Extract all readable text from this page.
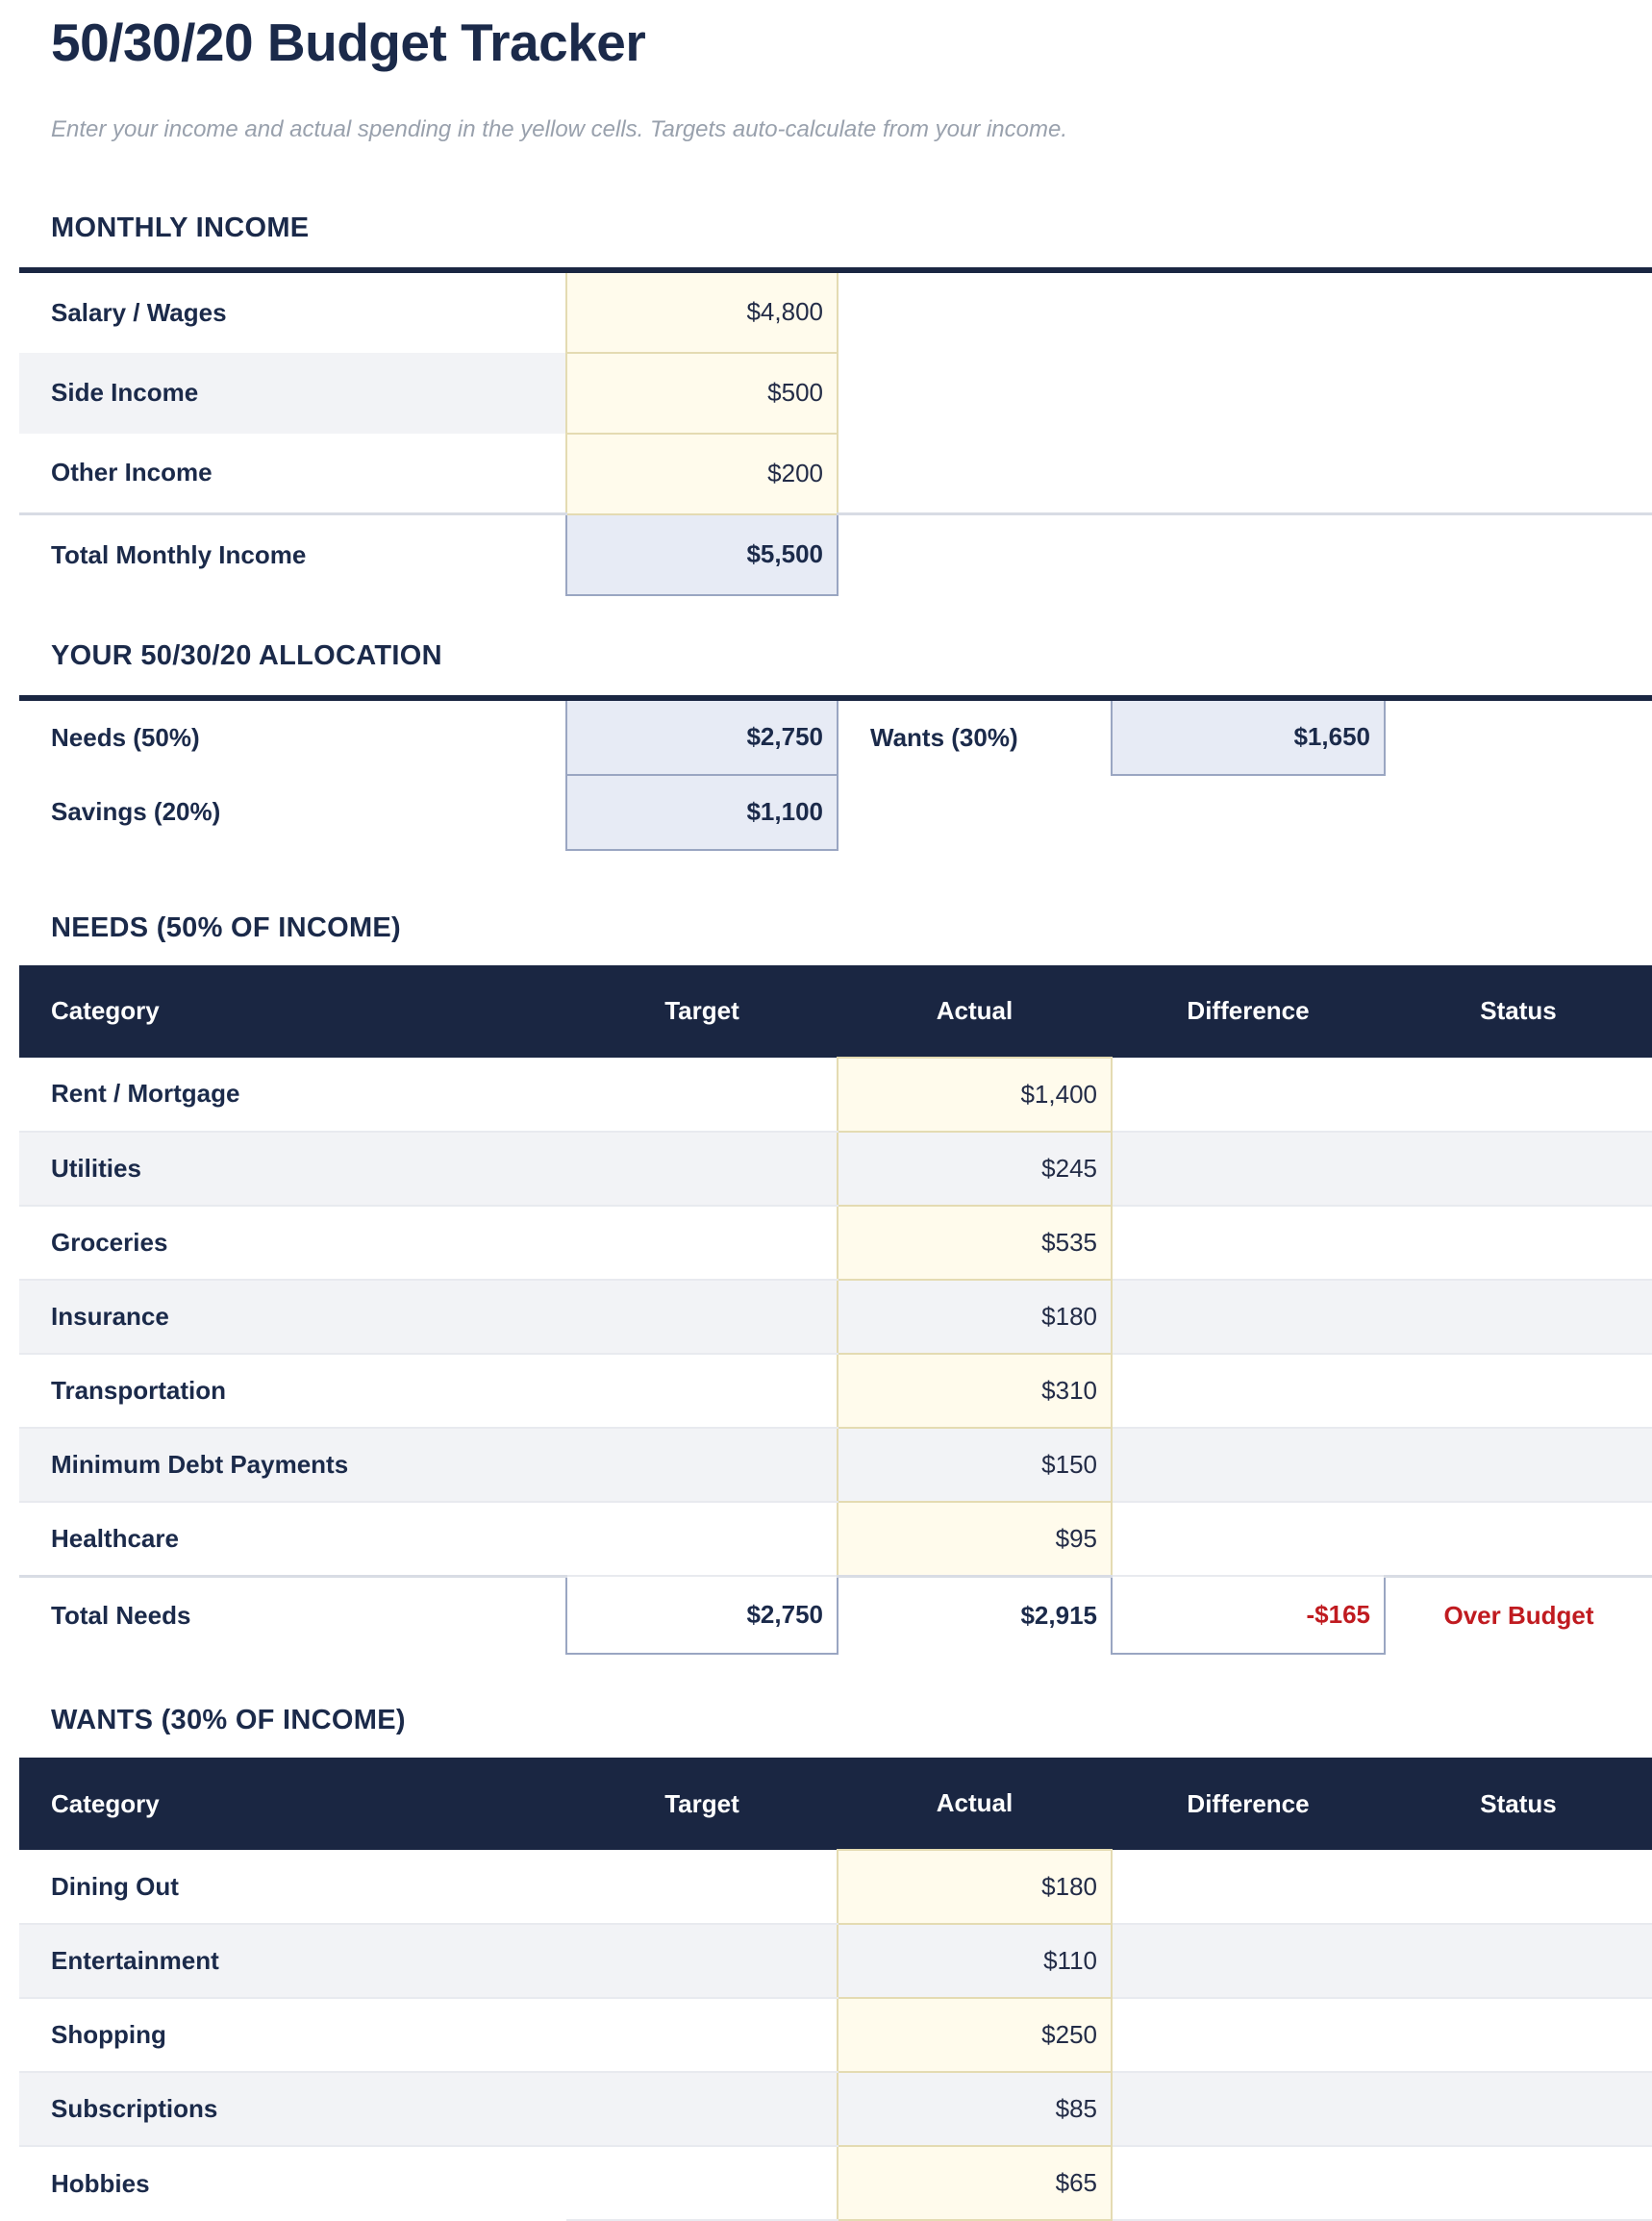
50/30/20 Budget Tracker

Enter your income and actual spending in the yellow cells. Targets auto-calculate from your income.

MONTHLY INCOME
Salary / Wages	$4,800	
Side Income	$500	
Other Income	$200	
Total Monthly Income	$5,500	
YOUR 50/30/20 ALLOCATION
Needs (50%)	$2,750	Wants (30%)	$1,650	
Savings (20%)	$1,100			
NEEDS (50% OF INCOME)
Category	Target	Actual	Difference	Status
Rent / Mortgage		$1,400		
Utilities		$245		
Groceries		$535		
Insurance		$180		
Transportation		$310		
Minimum Debt Payments		$150		
Healthcare		$95		
Total Needs	$2,750	$2,915	-$165	Over Budget
WANTS (30% OF INCOME)
Category	Target	Actual	Difference	Status
Dining Out		$180		
Entertainment		$110		
Shopping		$250		
Subscriptions		$85		
Hobbies		$65		
